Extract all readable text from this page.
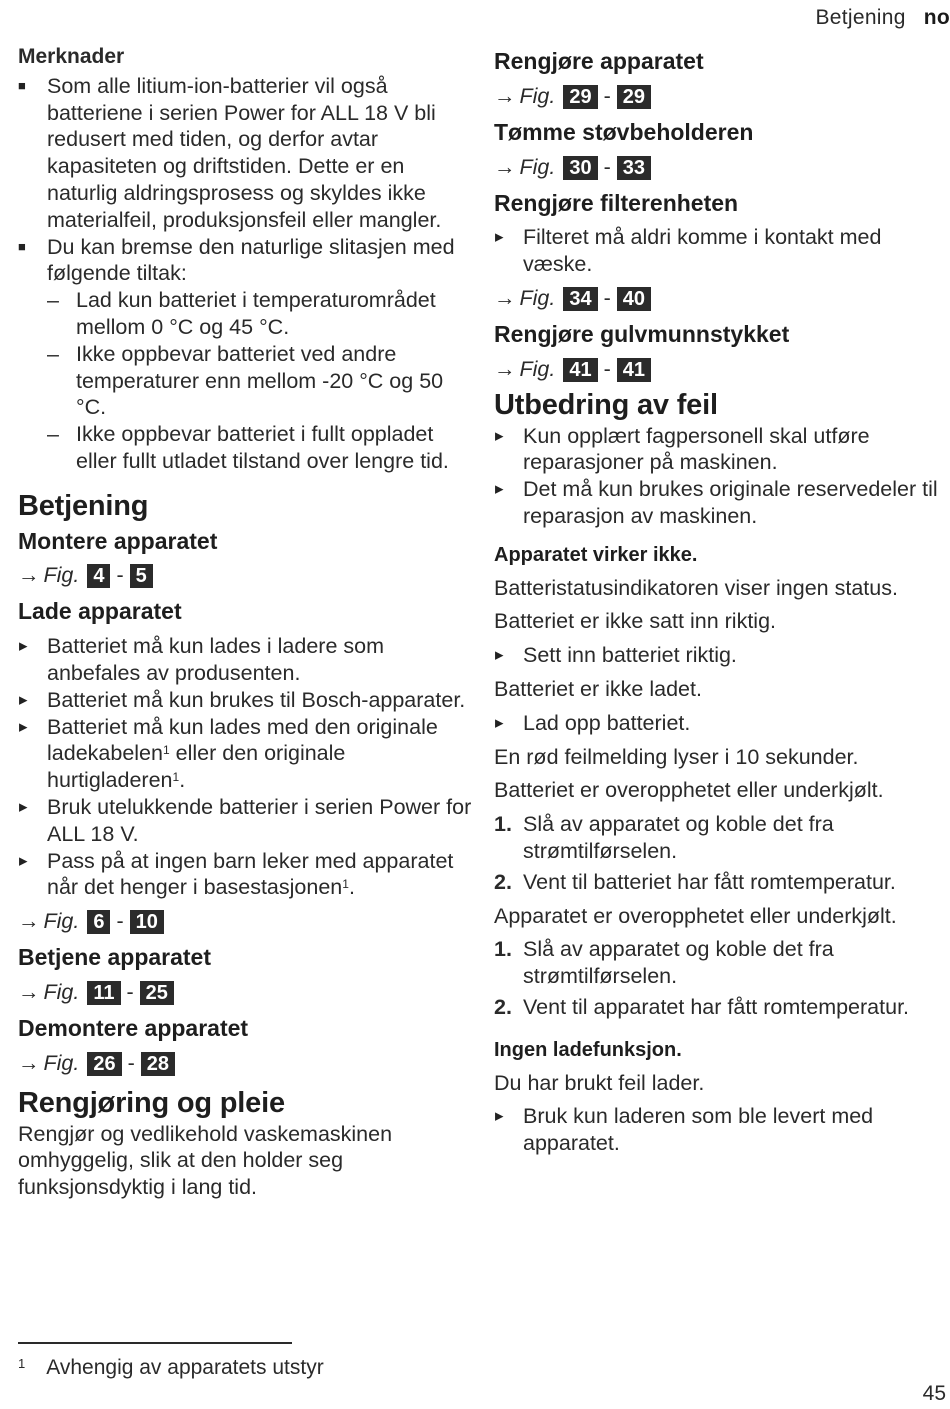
Betjening no
Merknader
■ Som alle litium-ion-batterier vil også batteriene i serien Power for ALL 18 V bli redusert med tiden, og derfor avtar kapasiteten og driftstiden. Dette er en naturlig aldringsprosess og skyldes ikke materialfeil, produksjonsfeil eller mangler.
■ Du kan bremse den naturlige slitasjen med følgende tiltak:
– Lad kun batteriet i temperaturområdet mellom 0 °C og 45 °C.
– Ikke oppbevar batteriet ved andre temperaturer enn mellom -20 °C og 50 °C.
– Ikke oppbevar batteriet i fullt oppladet eller fullt utladet tilstand over lengre tid.
Betjening
Montere apparatet
→ Fig. 4 - 5
Lade apparatet
▸ Batteriet må kun lades i ladere som anbefales av produsenten.
▸ Batteriet må kun brukes til Bosch-apparater.
▸ Batteriet må kun lades med den originale ladekabelen$^1$ eller den originale hurtigladeren$^1$.
▸ Bruk utelukkende batterier i serien Power for ALL 18 V.
▸ Pass på at ingen barn leker med apparatet når det henger i basestasjonen$^1$.
→ Fig. 6 - 10
Betjene apparatet
→ Fig. 11 - 25
Demontere apparatet
→ Fig. 26 - 28
Rengjøring og pleie

Rengjør og vedlikehold vaskemaskinen omhyggelig, slik at den holder seg funksjonsdyktig i lang tid.

Rengjøre apparatet
→ Fig. 29 - 29
Tømme støvbeholderen
→ Fig. 30 - 33
Rengjøre filterenheten
▸ Filteret må aldri komme i kontakt med væske.
→ Fig. 34 - 40
Rengjøre gulvmunnstykket
→ Fig. 41 - 41
Utbedring av feil
▸ Kun opplært fagpersonell skal utføre reparasjoner på maskinen.
▸ Det må kun brukes originale reservedeler til reparasjon av maskinen.
Apparatet virker ikke.

Batteristatusindikatoren viser ingen status.

Batteriet er ikke satt inn riktig.

▸ Sett inn batteriet riktig.

Batteriet er ikke ladet.

▸ Lad opp batteriet.

En rød feilmelding lyser i 10 sekunder.

Batteriet er overopphetet eller underkjølt.

1. Slå av apparatet og koble det fra strømtilførselen.
2. Vent til batteriet har fått romtemperatur.

Apparatet er overopphetet eller underkjølt.

1. Slå av apparatet og koble det fra strømtilførselen.
2. Vent til apparatet har fått romtemperatur.
Ingen ladefunksjon.

Du har brukt feil lader.

▸ Bruk kun laderen som ble levert med apparatet.
$^1$ Avhengig av apparatets utstyr
45
